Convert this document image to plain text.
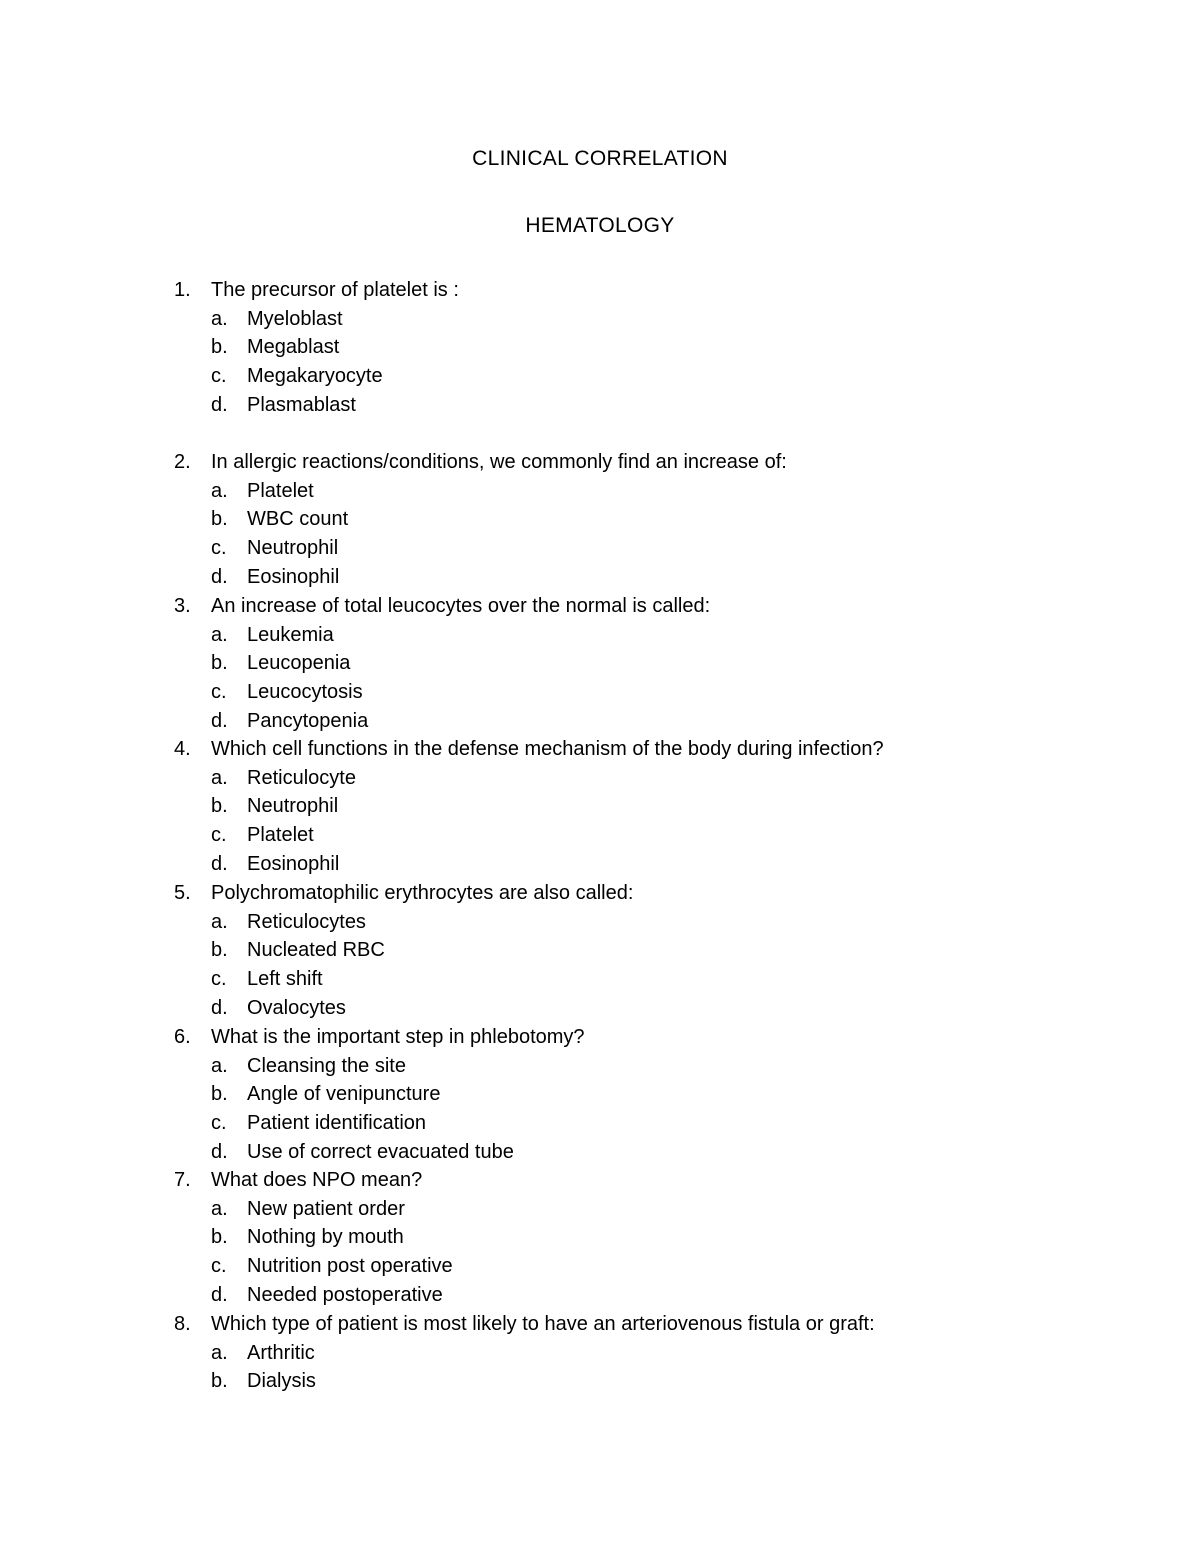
CLINICAL CORRELATION
HEMATOLOGY
1.	The precursor of platelet is :
a. Myeloblast
b. Megablast
c.	Megakaryocyte
d. Plasmablast
2.	In allergic reactions/conditions, we commonly find an increase of:
a. Platelet
b. WBC count
c.	Neutrophil
d. Eosinophil
3.	An increase of total leucocytes over the normal is called:
a. Leukemia
b. Leucopenia
c.	Leucocytosis
d. Pancytopenia
4.	Which cell functions in the defense mechanism of the body during infection?
a. Reticulocyte
b. Neutrophil
c.	Platelet
d. Eosinophil
5.	Polychromatophilic erythrocytes are also called:
a. Reticulocytes
b. Nucleated RBC
c.	Left shift
d. Ovalocytes
6.	What is the important step in phlebotomy?
a. Cleansing the site
b. Angle of venipuncture
c.	Patient identification
d. Use of correct evacuated tube
7.	What does NPO mean?
a. New patient order
b. Nothing by mouth
c.	Nutrition post operative
d. Needed postoperative
8.	Which type of patient is most likely to have an arteriovenous fistula or graft:
a. Arthritic
b. Dialysis
